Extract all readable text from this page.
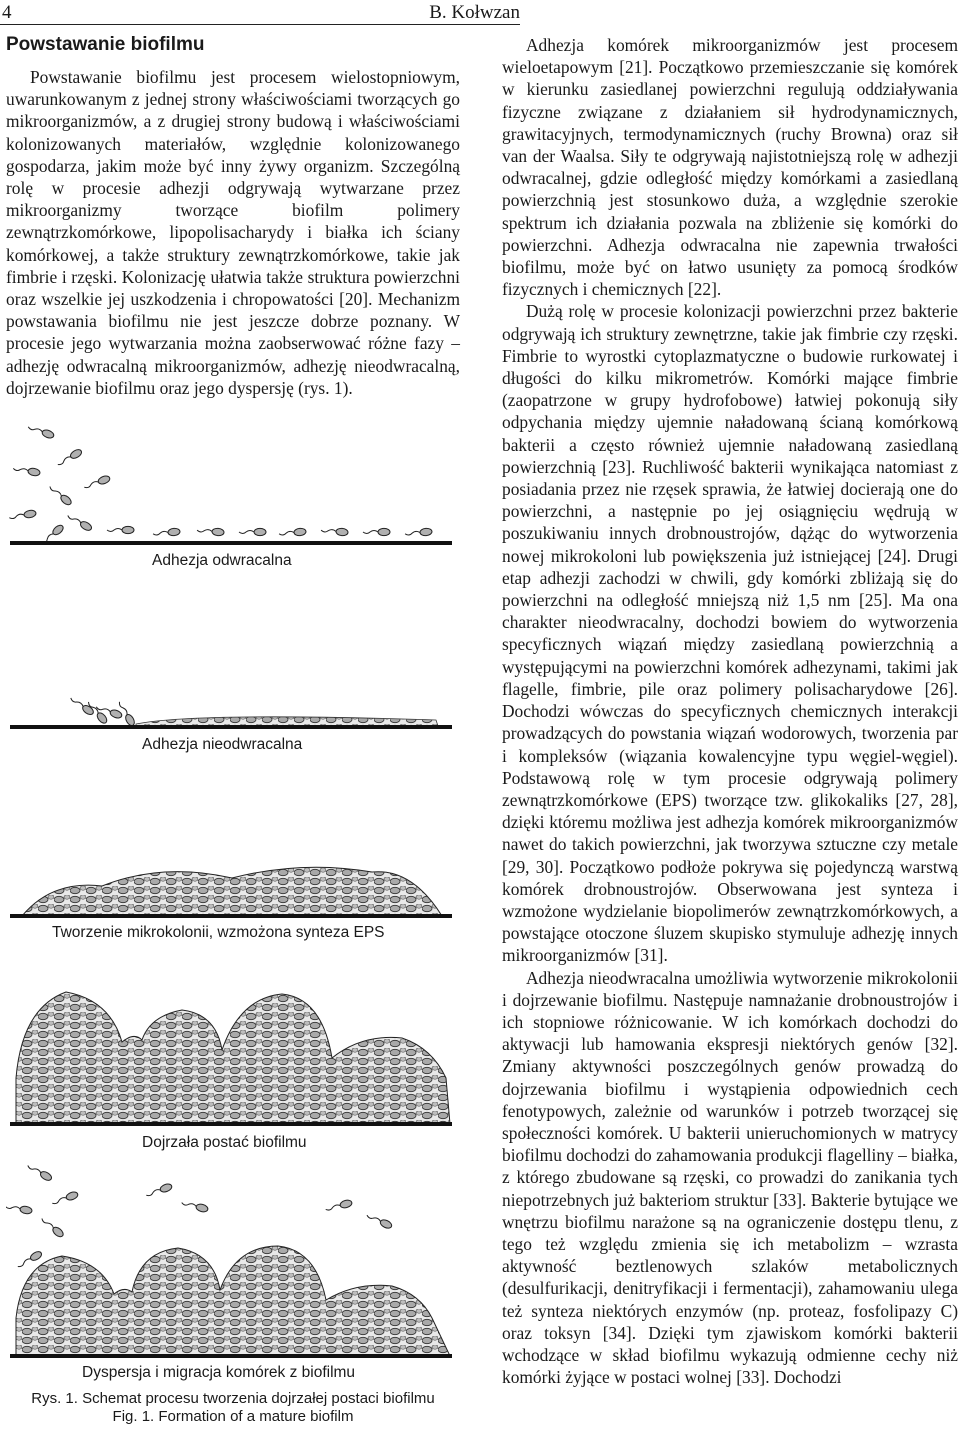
4	B. Kołwzan
Powstawanie biofilmu

Powstawanie biofilmu jest procesem wielostopniowym, uwarunkowanym z jednej strony właściwościami tworzących go mikroorganizmów, a z drugiej strony budową i właściwościami kolonizowanych materiałów, względnie kolonizowanego gospodarza, jakim może być inny żywy organizm. Szczególną rolę w procesie adhezji odgrywają wytwarzane przez mikroorganizmy tworzące biofilm polimery zewnątrzkomórkowe, lipopolisacharydy i białka ich ściany komórkowej, a także struktury zewnątrzkomórkowe, takie jak fimbrie i rzęski. Kolonizację ułatwia także struktura powierzchni oraz wszelkie jej uszkodzenia i chropowatości [20]. Mechanizm powstawania biofilmu nie jest jeszcze dobrze poznany. W procesie jego wytwarzania można zaobserwować różne fazy – adhezję odwracalną mikroorganizmów, adhezję nieodwracalną, dojrzewanie biofilmu oraz jego dyspersję (rys. 1).

Adhezja odwracalna
Adhezja nieodwracalna
Tworzenie mikrokolonii, wzmożona synteza EPS
Dojrzała postać biofilmu
Dyspersja i migracja komórek z biofilmu
Rys. 1. Schemat procesu tworzenia dojrzałej postaci biofilmu
Fig. 1. Formation of a mature biofilm

Adhezja komórek mikroorganizmów jest procesem wieloetapowym [21]. Początkowo przemieszczanie się komórek w kierunku zasiedlanej powierzchni regulują oddziaływania fizyczne związane z działaniem sił hydrodynamicznych, grawitacyjnych, termodynamicznych (ruchy Browna) oraz sił van der Waalsa. Siły te odgrywają najistotniejszą rolę w adhezji odwracalnej, gdzie odległość między komórkami a zasiedlaną powierzchnią jest stosunkowo duża, a względnie szerokie spektrum ich działania pozwala na zbliżenie się komórki do powierzchni. Adhezja odwracalna nie zapewnia trwałości biofilmu, może być on łatwo usunięty za pomocą środków fizycznych i chemicznych [22].

Dużą rolę w procesie kolonizacji powierzchni przez bakterie odgrywają ich struktury zewnętrzne, takie jak fimbrie czy rzęski. Fimbrie to wyrostki cytoplazmatyczne o budowie rurkowatej i długości do kilku mikrometrów. Komórki mające fimbrie (zaopatrzone w grupy hydrofobowe) łatwiej pokonują siły odpychania między ujemnie naładowaną ścianą komórkową bakterii a często również ujemnie naładowaną zasiedlaną powierzchnią [23]. Ruchliwość bakterii wynikająca natomiast z posiadania przez nie rzęsek sprawia, że łatwiej docierają one do powierzchni, a następnie po jej osiągnięciu wędrują w poszukiwaniu innych drobnoustrojów, dążąc do wytworzenia nowej mikrokoloni lub powiększenia już istniejącej [24]. Drugi etap adhezji zachodzi w chwili, gdy komórki zbliżają się do powierzchni na odległość mniejszą niż 1,5 nm [25]. Ma ona charakter nieodwracalny, dochodzi bowiem do wytworzenia specyficznych wiązań między zasiedlaną powierzchnią a występującymi na powierzchni komórek adhezynami, takimi jak flagelle, fimbrie, pile oraz polimery polisacharydowe [26]. Dochodzi wówczas do specyficznych chemicznych interakcji prowadzących do powstania wiązań wodorowych, tworzenia par i kompleksów (wiązania kowalencyjne typu węgiel-węgiel). Podstawową rolę w tym procesie odgrywają polimery zewnątrzkomórkowe (EPS) tworzące tzw. glikokaliks [27, 28], dzięki któremu możliwa jest adhezja komórek mikroorganizmów nawet do takich powierzchni, jak tworzywa sztuczne czy metale [29, 30]. Początkowo podłoże pokrywa się pojedynczą warstwą komórek drobnoustrojów. Obserwowana jest synteza i wzmożone wydzielanie biopolimerów zewnątrzkomórkowych, a powstające otoczone śluzem skupisko stymuluje adhezję innych mikroorganizmów [31].

Adhezja nieodwracalna umożliwia wytworzenie mikrokolonii i dojrzewanie biofilmu. Następuje namnażanie drobnoustrojów i ich stopniowe różnicowanie. W ich komórkach dochodzi do aktywacji lub hamowania ekspresji niektórych genów [32]. Zmiany aktywności poszczególnych genów prowadzą do dojrzewania biofilmu i wystąpienia odpowiednich cech fenotypowych, zależnie od warunków i potrzeb tworzącej się społeczności komórek. U bakterii unieruchomionych w matrycy biofilmu dochodzi do zahamowania produkcji flagelliny – białka, z którego zbudowane są rzęski, co prowadzi do zanikania tych niepotrzebnych już bakteriom struktur [33]. Bakterie bytujące we wnętrzu biofilmu narażone są na ograniczenie dostępu tlenu, z tego też względu zmienia się ich metabolizm – wzrasta aktywność beztlenowych szlaków metabolicznych (desulfurikacji, denitryfikacji i fermentacji), zahamowaniu ulega też synteza niektórych enzymów (np. proteaz, fosfolipazy C) oraz toksyn [34]. Dzięki tym zjawiskom komórki bakterii wchodzące w skład biofilmu wykazują odmienne cechy niż komórki żyjące w postaci wolnej [33]. Dochodzi
